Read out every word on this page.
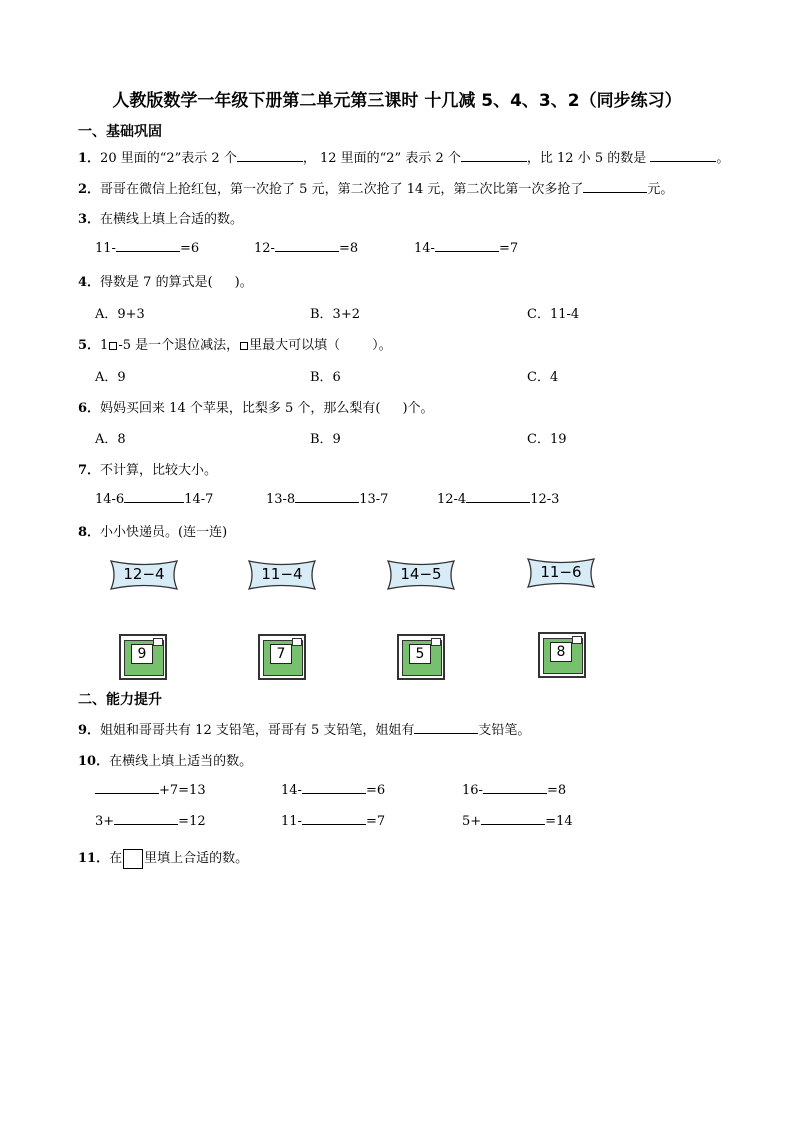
人教版数学一年级下册第二单元第三课时 十几减 5、4、3、2（同步练习）
一、基础巩固
1．20 里面的“2”表示 2 个	， 12 里面的“2” 表示 2 个	，比 12 小 5 的数是	。
2．哥哥在微信上抢红包，第一次抢了 5 元，第二次抢了 14 元，第二次比第一次多抢了	元。
3．在横线上填上合适的数。
11-	=6	12-	=8	14-	=7
4．得数是 7 的算式是( )。
A．9+3	B．3+2	C．11-4
5．1 -5 是一个退位减法， 里最大可以填（ ）。
A．9	B．6	C．4
6．妈妈买回来 14 个苹果，比梨多 5 个，那么梨有( )个。
A．8	B．9	C．19
7．不计算，比较大小。
14-6	14-7	13-8	13-7	12-4	12-3
8．小小快递员。(连一连)
12−4	11−4	14−5	11−6
9	7	5	8
二、能力提升
9．姐姐和哥哥共有 12 支铅笔，哥哥有 5 支铅笔，姐姐有	支铅笔。
10．在横线上填上适当的数。
+7=13	14-	=6	16-	=8
3+	=12	11-	=7	5+	=14
11．在 里填上合适的数。
